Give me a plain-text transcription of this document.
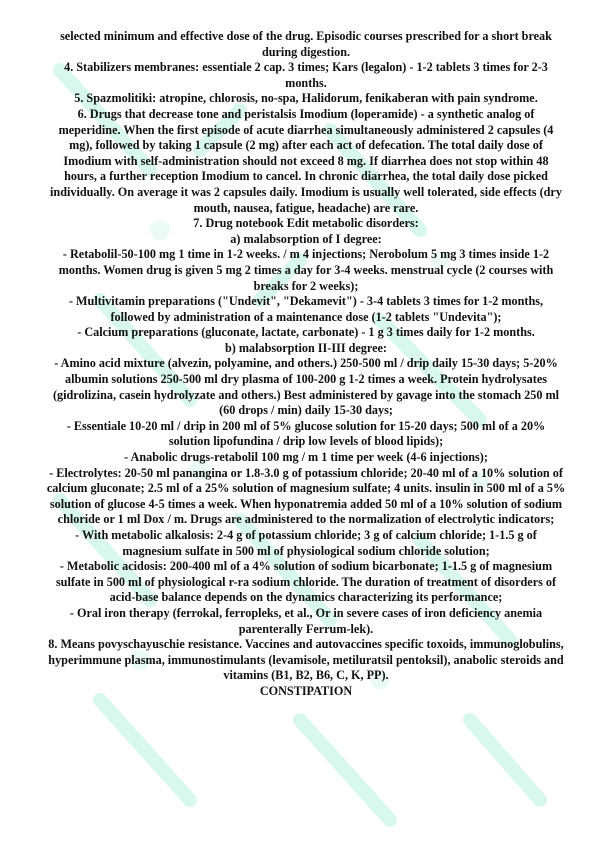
selected minimum and effective dose of the drug. Episodic courses prescribed for a short break during digestion.

4. Stabilizers membranes: essentiale 2 cap. 3 times; Kars (legalon) - 1-2 tablets 3 times for 2-3 months.

5. Spazmolitiki: atropine, chlorosis, no-spa, Halidorum, fenikaberan with pain syndrome.

6. Drugs that decrease tone and peristalsis Imodium (loperamide) - a synthetic analog of meperidine. When the first episode of acute diarrhea simultaneously administered 2 capsules (4 mg), followed by taking 1 capsule (2 mg) after each act of defecation. The total daily dose of Imodium with self-administration should not exceed 8 mg. If diarrhea does not stop within 48 hours, a further reception Imodium to cancel. In chronic diarrhea, the total daily dose picked individually. On average it was 2 capsules daily. Imodium is usually well tolerated, side effects (dry mouth, nausea, fatigue, headache) are rare.

7. Drug notebook Edit metabolic disorders:

a) malabsorption of I degree:

- Retabolil-50-100 mg 1 time in 1-2 weeks. / m 4 injections; Nerobolum 5 mg 3 times inside 1-2 months. Women drug is given 5 mg 2 times a day for 3-4 weeks. menstrual cycle (2 courses with breaks for 2 weeks);

- Multivitamin preparations ("Undevit", "Dekamevit") - 3-4 tablets 3 times for 1-2 months, followed by administration of a maintenance dose (1-2 tablets "Undevita");

- Calcium preparations (gluconate, lactate, carbonate) - 1 g 3 times daily for 1-2 months.

b) malabsorption II-III degree:

- Amino acid mixture (alvezin, polyamine, and others.) 250-500 ml / drip daily 15-30 days; 5-20% albumin solutions 250-500 ml dry plasma of 100-200 g 1-2 times a week. Protein hydrolysates (gidrolizina, casein hydrolyzate and others.) Best administered by gavage into the stomach 250 ml (60 drops / min) daily 15-30 days;

- Essentiale 10-20 ml / drip in 200 ml of 5% glucose solution for 15-20 days; 500 ml of a 20% solution lipofundina / drip low levels of blood lipids);

- Anabolic drugs-retabolil 100 mg / m 1 time per week (4-6 injections);

- Electrolytes: 20-50 ml panangina or 1.8-3.0 g of potassium chloride; 20-40 ml of a 10% solution of calcium gluconate; 2.5 ml of a 25% solution of magnesium sulfate; 4 units. insulin in 500 ml of a 5% solution of glucose 4-5 times a week. When hyponatremia added 50 ml of a 10% solution of sodium chloride or 1 ml Dox / m. Drugs are administered to the normalization of electrolytic indicators;

- With metabolic alkalosis: 2-4 g of potassium chloride; 3 g of calcium chloride; 1-1.5 g of magnesium sulfate in 500 ml of physiological sodium chloride solution;

- Metabolic acidosis: 200-400 ml of a 4% solution of sodium bicarbonate; 1-1.5 g of magnesium sulfate in 500 ml of physiological r-ra sodium chloride. The duration of treatment of disorders of acid-base balance depends on the dynamics characterizing its performance;

- Oral iron therapy (ferrokal, ferropleks, et al., Or in severe cases of iron deficiency anemia parenterally Ferrum-lek).

8. Means povyschayuschie resistance. Vaccines and autovaccines specific toxoids, immunoglobulins, hyperimmune plasma, immunostimulants (levamisole, metiluratsil pentoksil), anabolic steroids and vitamins (B1, B2, B6, C, K, PP).

CONSTIPATION
